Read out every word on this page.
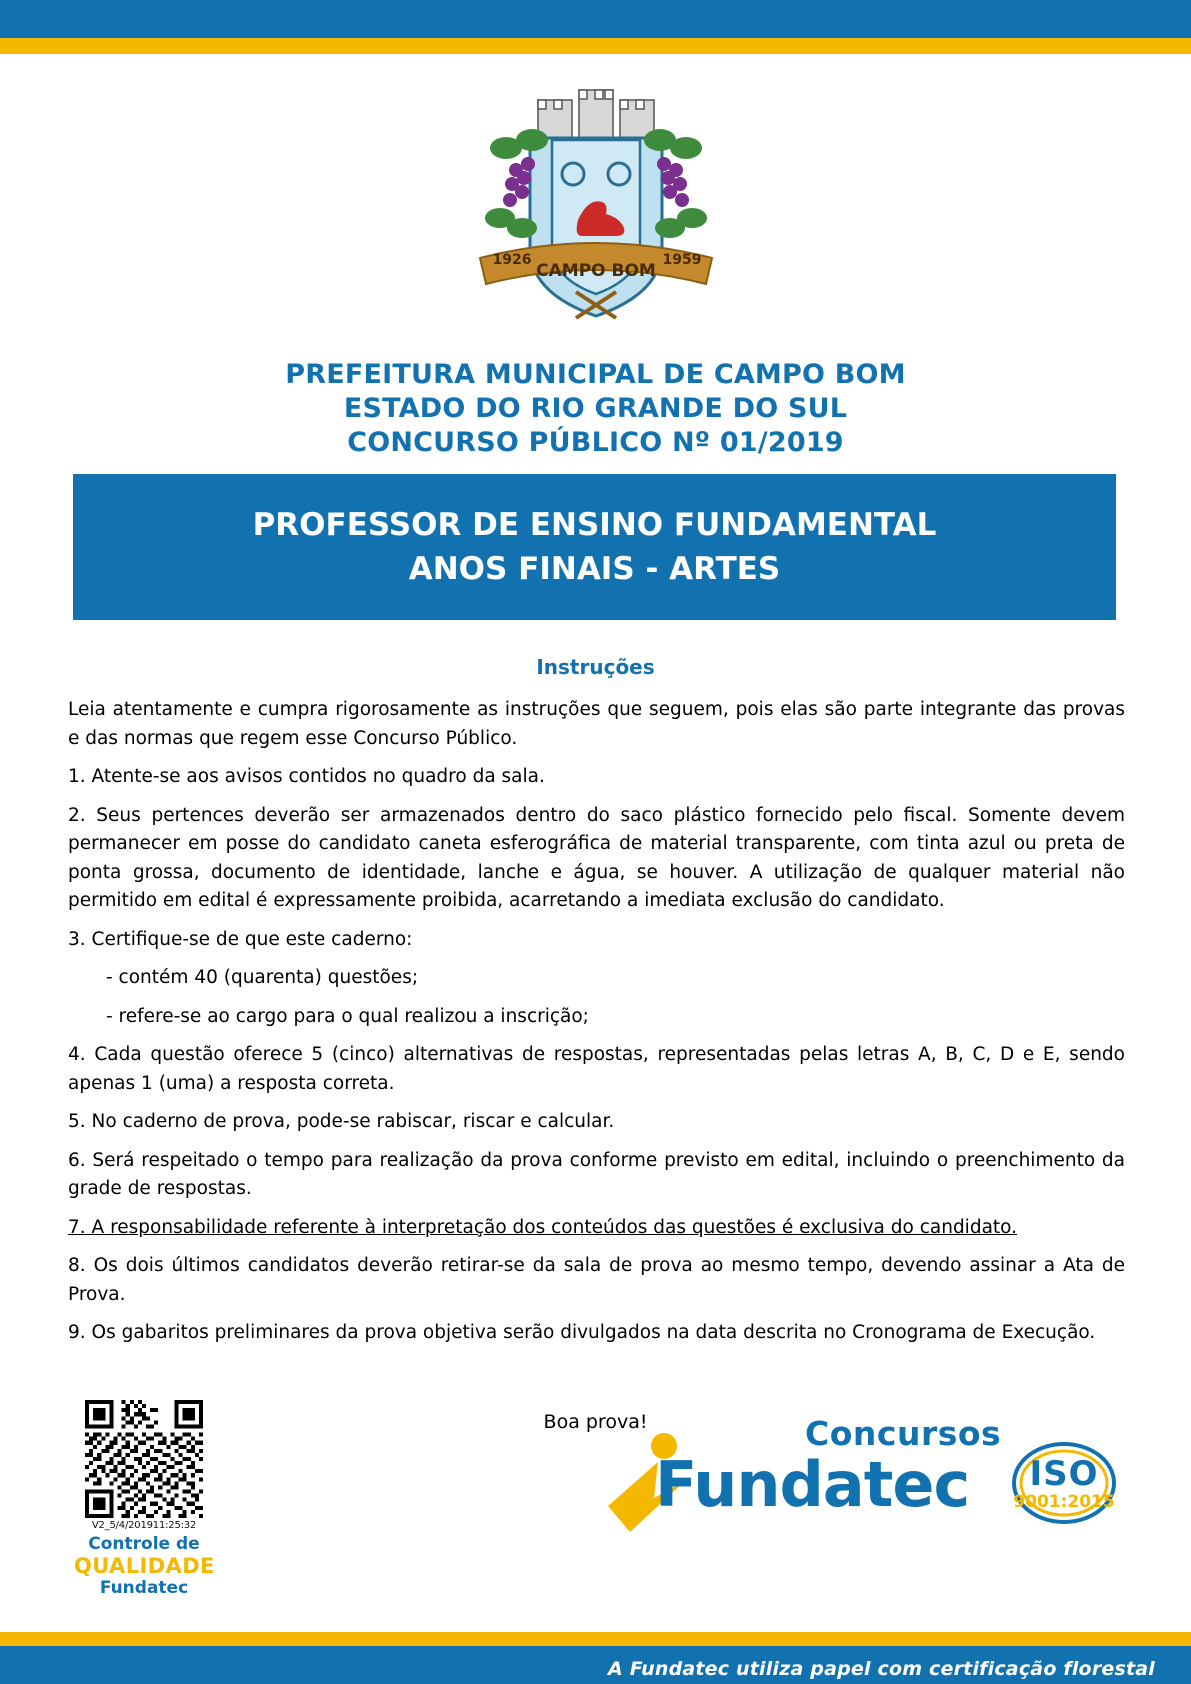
CAMPO BOM
1926	1959
PREFEITURA MUNICIPAL DE CAMPO BOM
ESTADO DO RIO GRANDE DO SUL
CONCURSO PÚBLICO Nº 01/2019
PROFESSOR DE ENSINO FUNDAMENTAL
ANOS FINAIS - ARTES
Instruções

Leia atentamente e cumpra rigorosamente as instruções que seguem, pois elas são parte integrante das provas e das normas que regem esse Concurso Público.

1. Atente-se aos avisos contidos no quadro da sala.

2. Seus pertences deverão ser armazenados dentro do saco plástico fornecido pelo fiscal. Somente devem permanecer em posse do candidato caneta esferográfica de material transparente, com tinta azul ou preta de ponta grossa, documento de identidade, lanche e água, se houver. A utilização de qualquer material não permitido em edital é expressamente proibida, acarretando a imediata exclusão do candidato.

3. Certifique-se de que este caderno:

- contém 40 (quarenta) questões;

- refere-se ao cargo para o qual realizou a inscrição;

4. Cada questão oferece 5 (cinco) alternativas de respostas, representadas pelas letras A, B, C, D e E, sendo apenas 1 (uma) a resposta correta.

5. No caderno de prova, pode-se rabiscar, riscar e calcular.

6. Será respeitado o tempo para realização da prova conforme previsto em edital, incluindo o preenchimento da grade de respostas.

7. A responsabilidade referente à interpretação dos conteúdos das questões é exclusiva do candidato.

8. Os dois últimos candidatos deverão retirar-se da sala de prova ao mesmo tempo, devendo assinar a Ata de Prova.

9. Os gabaritos preliminares da prova objetiva serão divulgados na data descrita no Cronograma de Execução.

Boa prova!
V2_5/4/201911:25:32
Controle de
QUALIDADE
Fundatec
Concursos
Fundatec	ISO
9001:2015
A Fundatec utiliza papel com certificação florestal
